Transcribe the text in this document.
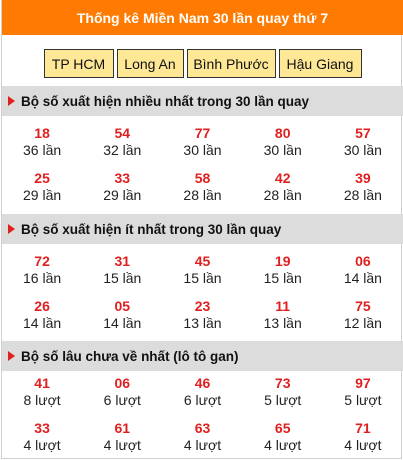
Thống kê Miền Nam 30 lần quay thứ 7
TP HCM	Long An	Bình Phước	Hậu Giang
Bộ số xuất hiện nhiều nhất trong 30 lần quay
18
36 lần
54
32 lần
77
30 lần
80
30 lần
57
30 lần
25
29 lần
33
29 lần
58
28 lần
42
28 lần
39
28 lần
Bộ số xuất hiện ít nhất trong 30 lần quay
72
16 lần
31
15 lần
45
15 lần
19
15 lần
06
14 lần
26
14 lần
05
14 lần
23
13 lần
11
13 lần
75
12 lần
Bộ số lâu chưa về nhất (lô tô gan)
41
8 lượt
06
6 lượt
46
6 lượt
73
5 lượt
97
5 lượt
33
4 lượt
61
4 lượt
63
4 lượt
65
4 lượt
71
4 lượt
